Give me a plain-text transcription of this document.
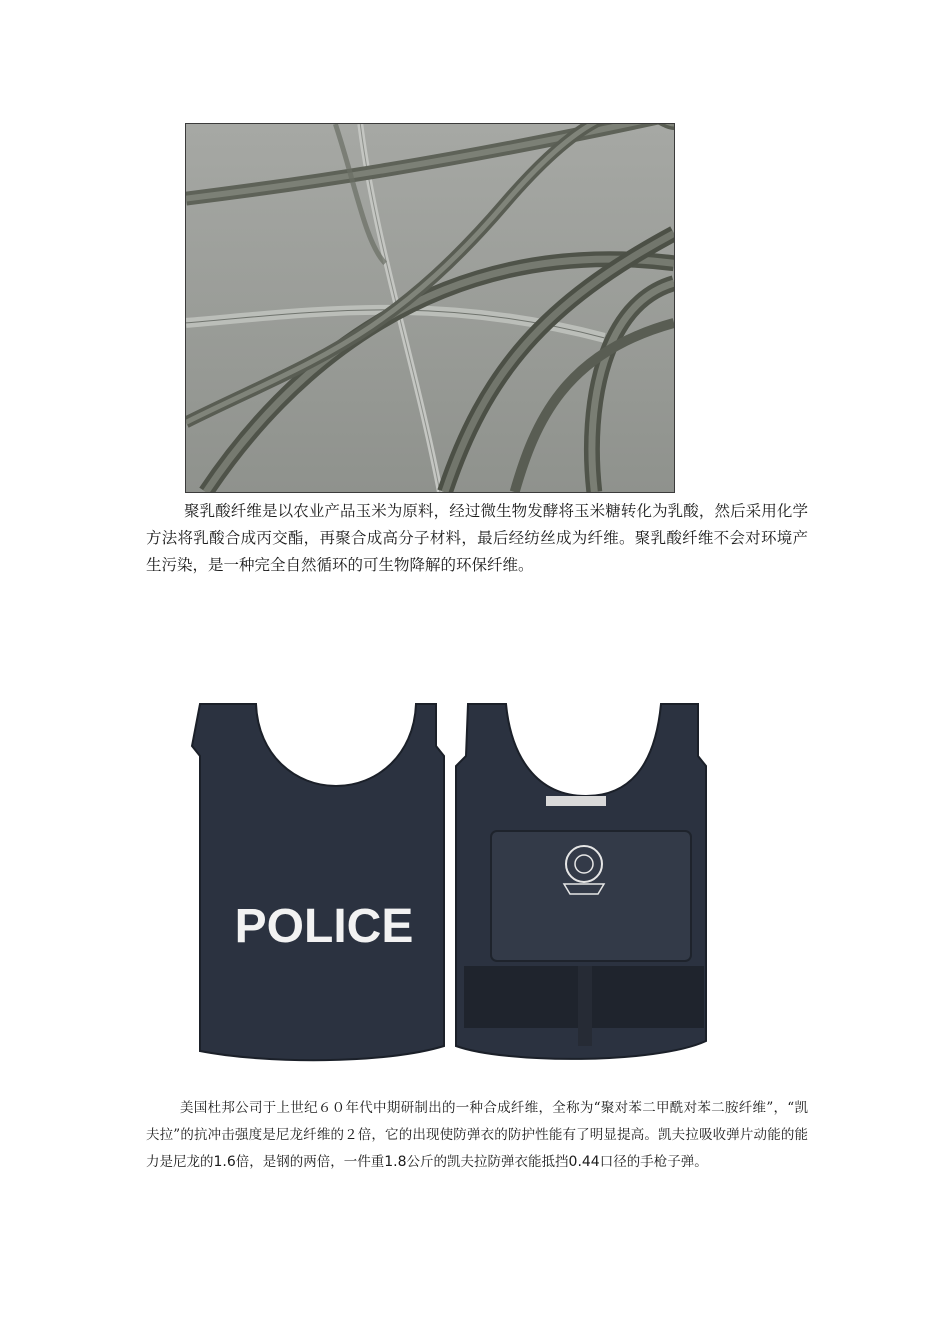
聚乳酸纤维是以农业产品玉米为原料，经过微生物发酵将玉米糖转化为乳酸，然后采用化学方法将乳酸合成丙交酯，再聚合成高分子材料，最后经纺丝成为纤维。聚乳酸纤维不会对环境产生污染，是一种完全自然循环的可生物降解的环保纤维。

POLICE

美国杜邦公司于上世纪６０年代中期研制出的一种合成纤维，全称为“聚对苯二甲酰对苯二胺纤维”，“凯夫拉”的抗冲击强度是尼龙纤维的２倍，它的出现使防弹衣的防护性能有了明显提高。凯夫拉吸收弹片动能的能力是尼龙的1.6倍，是钢的两倍，一件重1.8公斤的凯夫拉防弹衣能抵挡0.44口径的手枪子弹。
